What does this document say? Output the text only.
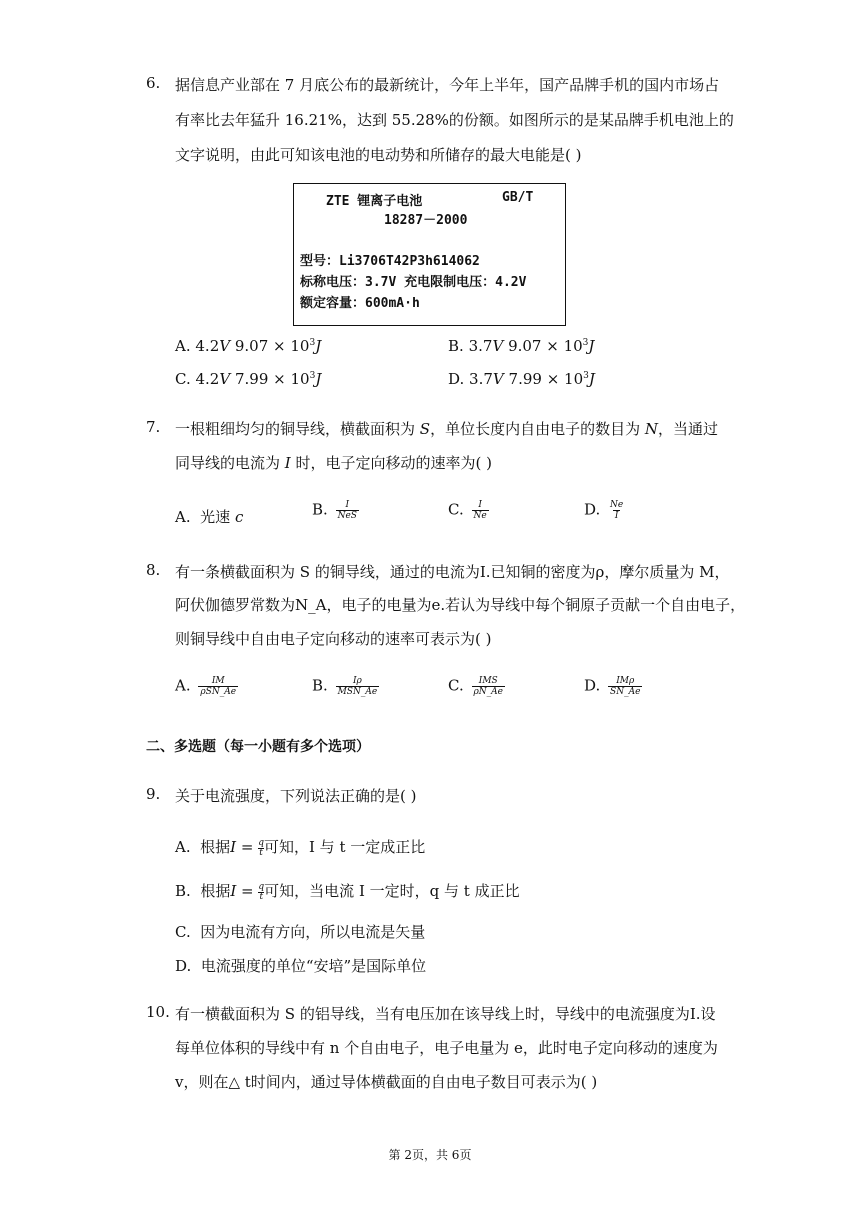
6. 据信息产业部在 7 月底公布的最新统计，今年上半年，国产品牌手机的国内市场占
有率比去年猛升 16.21%，达到 55.28%的份额。如图所示的是某品牌手机电池上的
文字说明，由此可知该电池的电动势和所储存的最大电能是( )
ZTE 锂离子电池	GB/T
18287－2000
型号：Li3706T42P3h614062
标称电压：3.7V 充电限制电压：4.2V
额定容量：600mA·h
A. 4.2V $9.07 \times 10^3J$	B. 3.7V $9.07 \times 10^3J$
C. 4.2V $7.99 \times 10^3J$	D. 3.7V $7.99 \times 10^3J$
7. 一根粗细均匀的铜导线，横截面积为 S，单位长度内自由电子的数目为 N，当通过
同导线的电流为 I 时，电子定向移动的速率为( )
A. 光速 c	B. $\frac{I}{\text{NeS}}$	C. $\frac{I}{Ne}$	D. $\frac{Ne}{I}$
8. 有一条横截面积为 S 的铜导线，通过的电流为I.已知铜的密度为ρ，摩尔质量为 M，
阿伏伽德罗常数为N_A，电子的电量为e.若认为导线中每个铜原子贡献一个自由电子，
则铜导线中自由电子定向移动的速率可表示为( )
A. $\frac{IM}{\text{ρSN\_Ae}}$	B. $\frac{I\rho}{\text{MSN\_Ae}}$	C. $\frac{\text{IMS}}{\rho N\_Ae}$	D. $\frac{\text{IMρ}}{SN\_Ae}$
二、多选题（每一小题有多个选项）
9. 关于电流强度，下列说法正确的是( )
A. 根据$I = \frac{q}{t}$ 可知，I 与 t 一定成正比
B. 根据$I = \frac{q}{t}$ 可知，当电流 I 一定时，q 与 t 成正比
C. 因为电流有方向，所以电流是矢量
D. 电流强度的单位“安培”是国际单位
10. 有一横截面积为 S 的铝导线，当有电压加在该导线上时，导线中的电流强度为I.设
每单位体积的导线中有 n 个自由电子，电子电量为 e，此时电子定向移动的速度为
v，则在△ t时间内，通过导体横截面的自由电子数目可表示为( )
第 2页，共 6页
